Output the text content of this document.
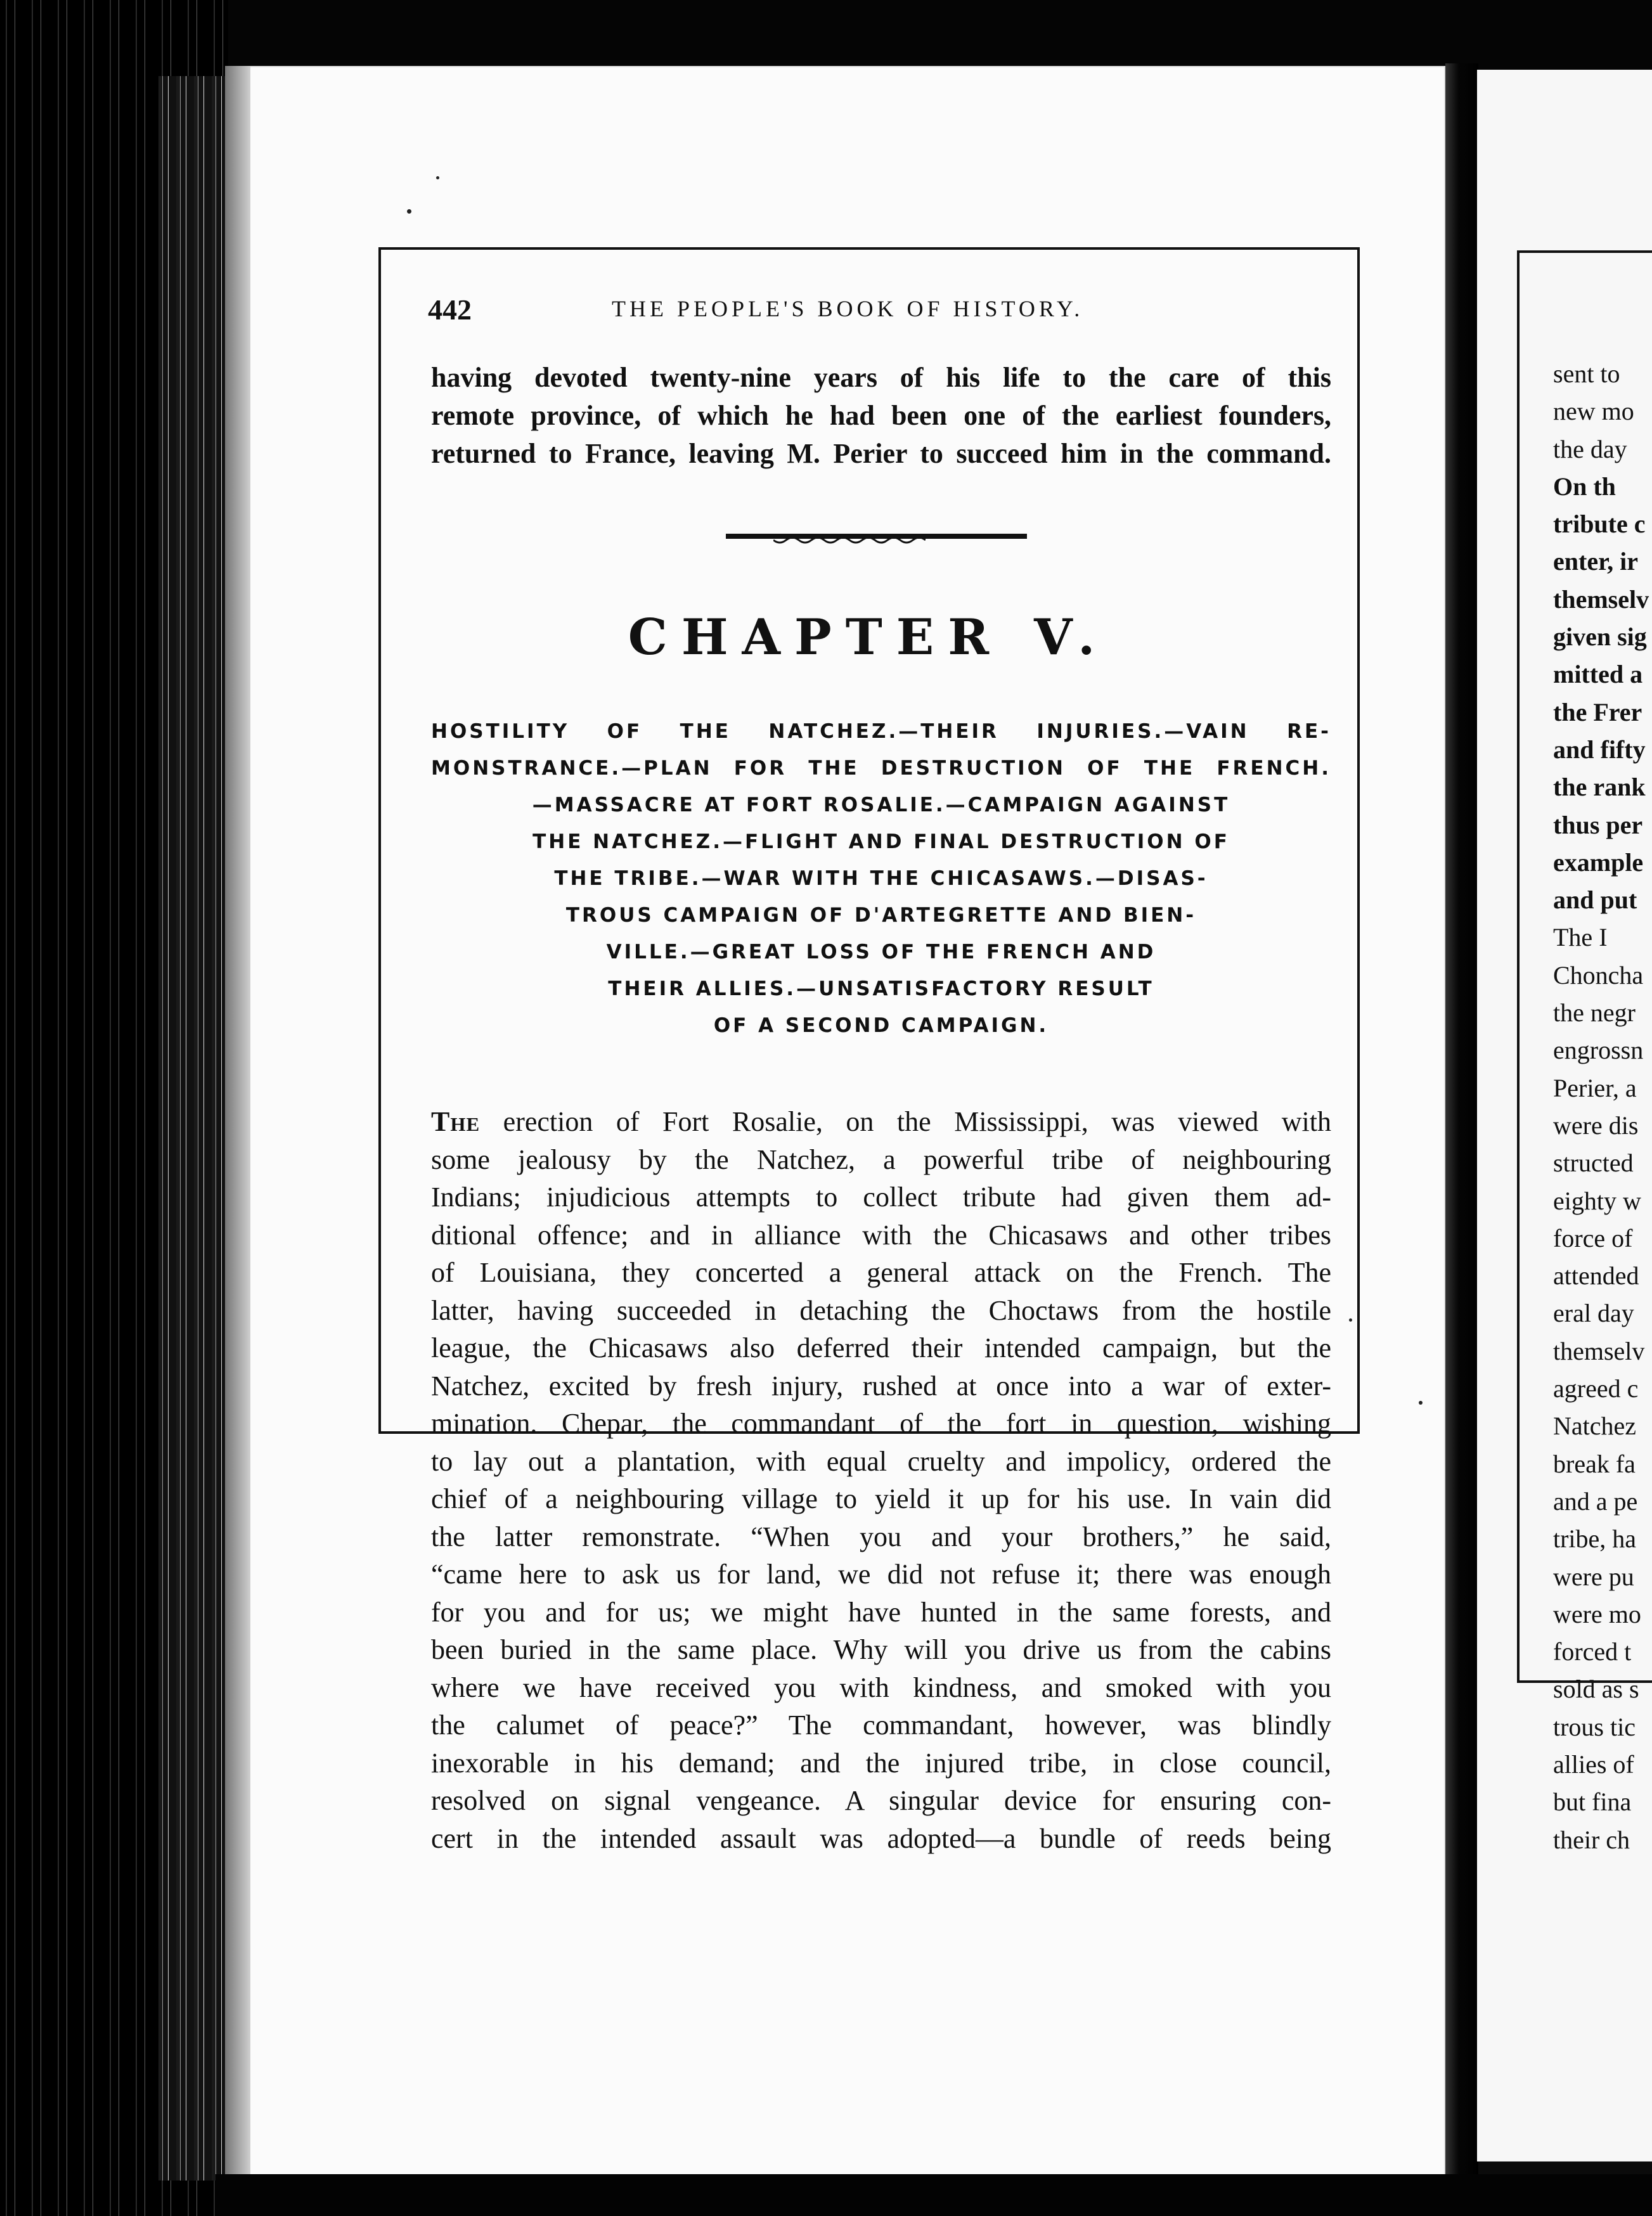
442	THE PEOPLE'S BOOK OF HISTORY.
having devoted twenty-nine years of his life to the care of this
remote province, of which he had been one of the earliest founders,
returned to France, leaving M. Perier to succeed him in the command.
CHAPTER V.
HOSTILITY OF THE NATCHEZ.—THEIR INJURIES.—VAIN RE-
MONSTRANCE.—PLAN FOR THE DESTRUCTION OF THE FRENCH.
—MASSACRE AT FORT ROSALIE.—CAMPAIGN AGAINST
THE NATCHEZ.—FLIGHT AND FINAL DESTRUCTION OF
THE TRIBE.—WAR WITH THE CHICASAWS.—DISAS-
TROUS CAMPAIGN OF D'ARTEGRETTE AND BIEN-
VILLE.—GREAT LOSS OF THE FRENCH AND
THEIR ALLIES.—UNSATISFACTORY RESULT
OF A SECOND CAMPAIGN.
The erection of Fort Rosalie, on the Mississippi, was viewed with
some jealousy by the Natchez, a powerful tribe of neighbouring
Indians; injudicious attempts to collect tribute had given them ad-
ditional offence; and in alliance with the Chicasaws and other tribes
of Louisiana, they concerted a general attack on the French. The
latter, having succeeded in detaching the Choctaws from the hostile
league, the Chicasaws also deferred their intended campaign, but the
Natchez, excited by fresh injury, rushed at once into a war of exter-
mination. Chepar, the commandant of the fort in question, wishing
to lay out a plantation, with equal cruelty and impolicy, ordered the
chief of a neighbouring village to yield it up for his use. In vain did
the latter remonstrate. “When you and your brothers,” he said,
“came here to ask us for land, we did not refuse it; there was enough
for you and for us; we might have hunted in the same forests, and
been buried in the same place. Why will you drive us from the cabins
where we have received you with kindness, and smoked with you
the calumet of peace?” The commandant, however, was blindly
inexorable in his demand; and the injured tribe, in close council,
resolved on signal vengeance. A singular device for ensuring con-
cert in the intended assault was adopted—a bundle of reeds being
sent to
new mo
the day
On th
tribute c
enter, ir
themselv
given sig
mitted a
the Frer
and fifty
the rank
thus per
example
and put
The I
Choncha
the negr
engrossn
Perier, a
were dis
structed
eighty w
force of
attended
eral day
themselv
agreed c
Natchez
break fa
and a pe
tribe, ha
were pu
were mo
forced t
sold as s
trous tic
allies of
but fina
their ch
